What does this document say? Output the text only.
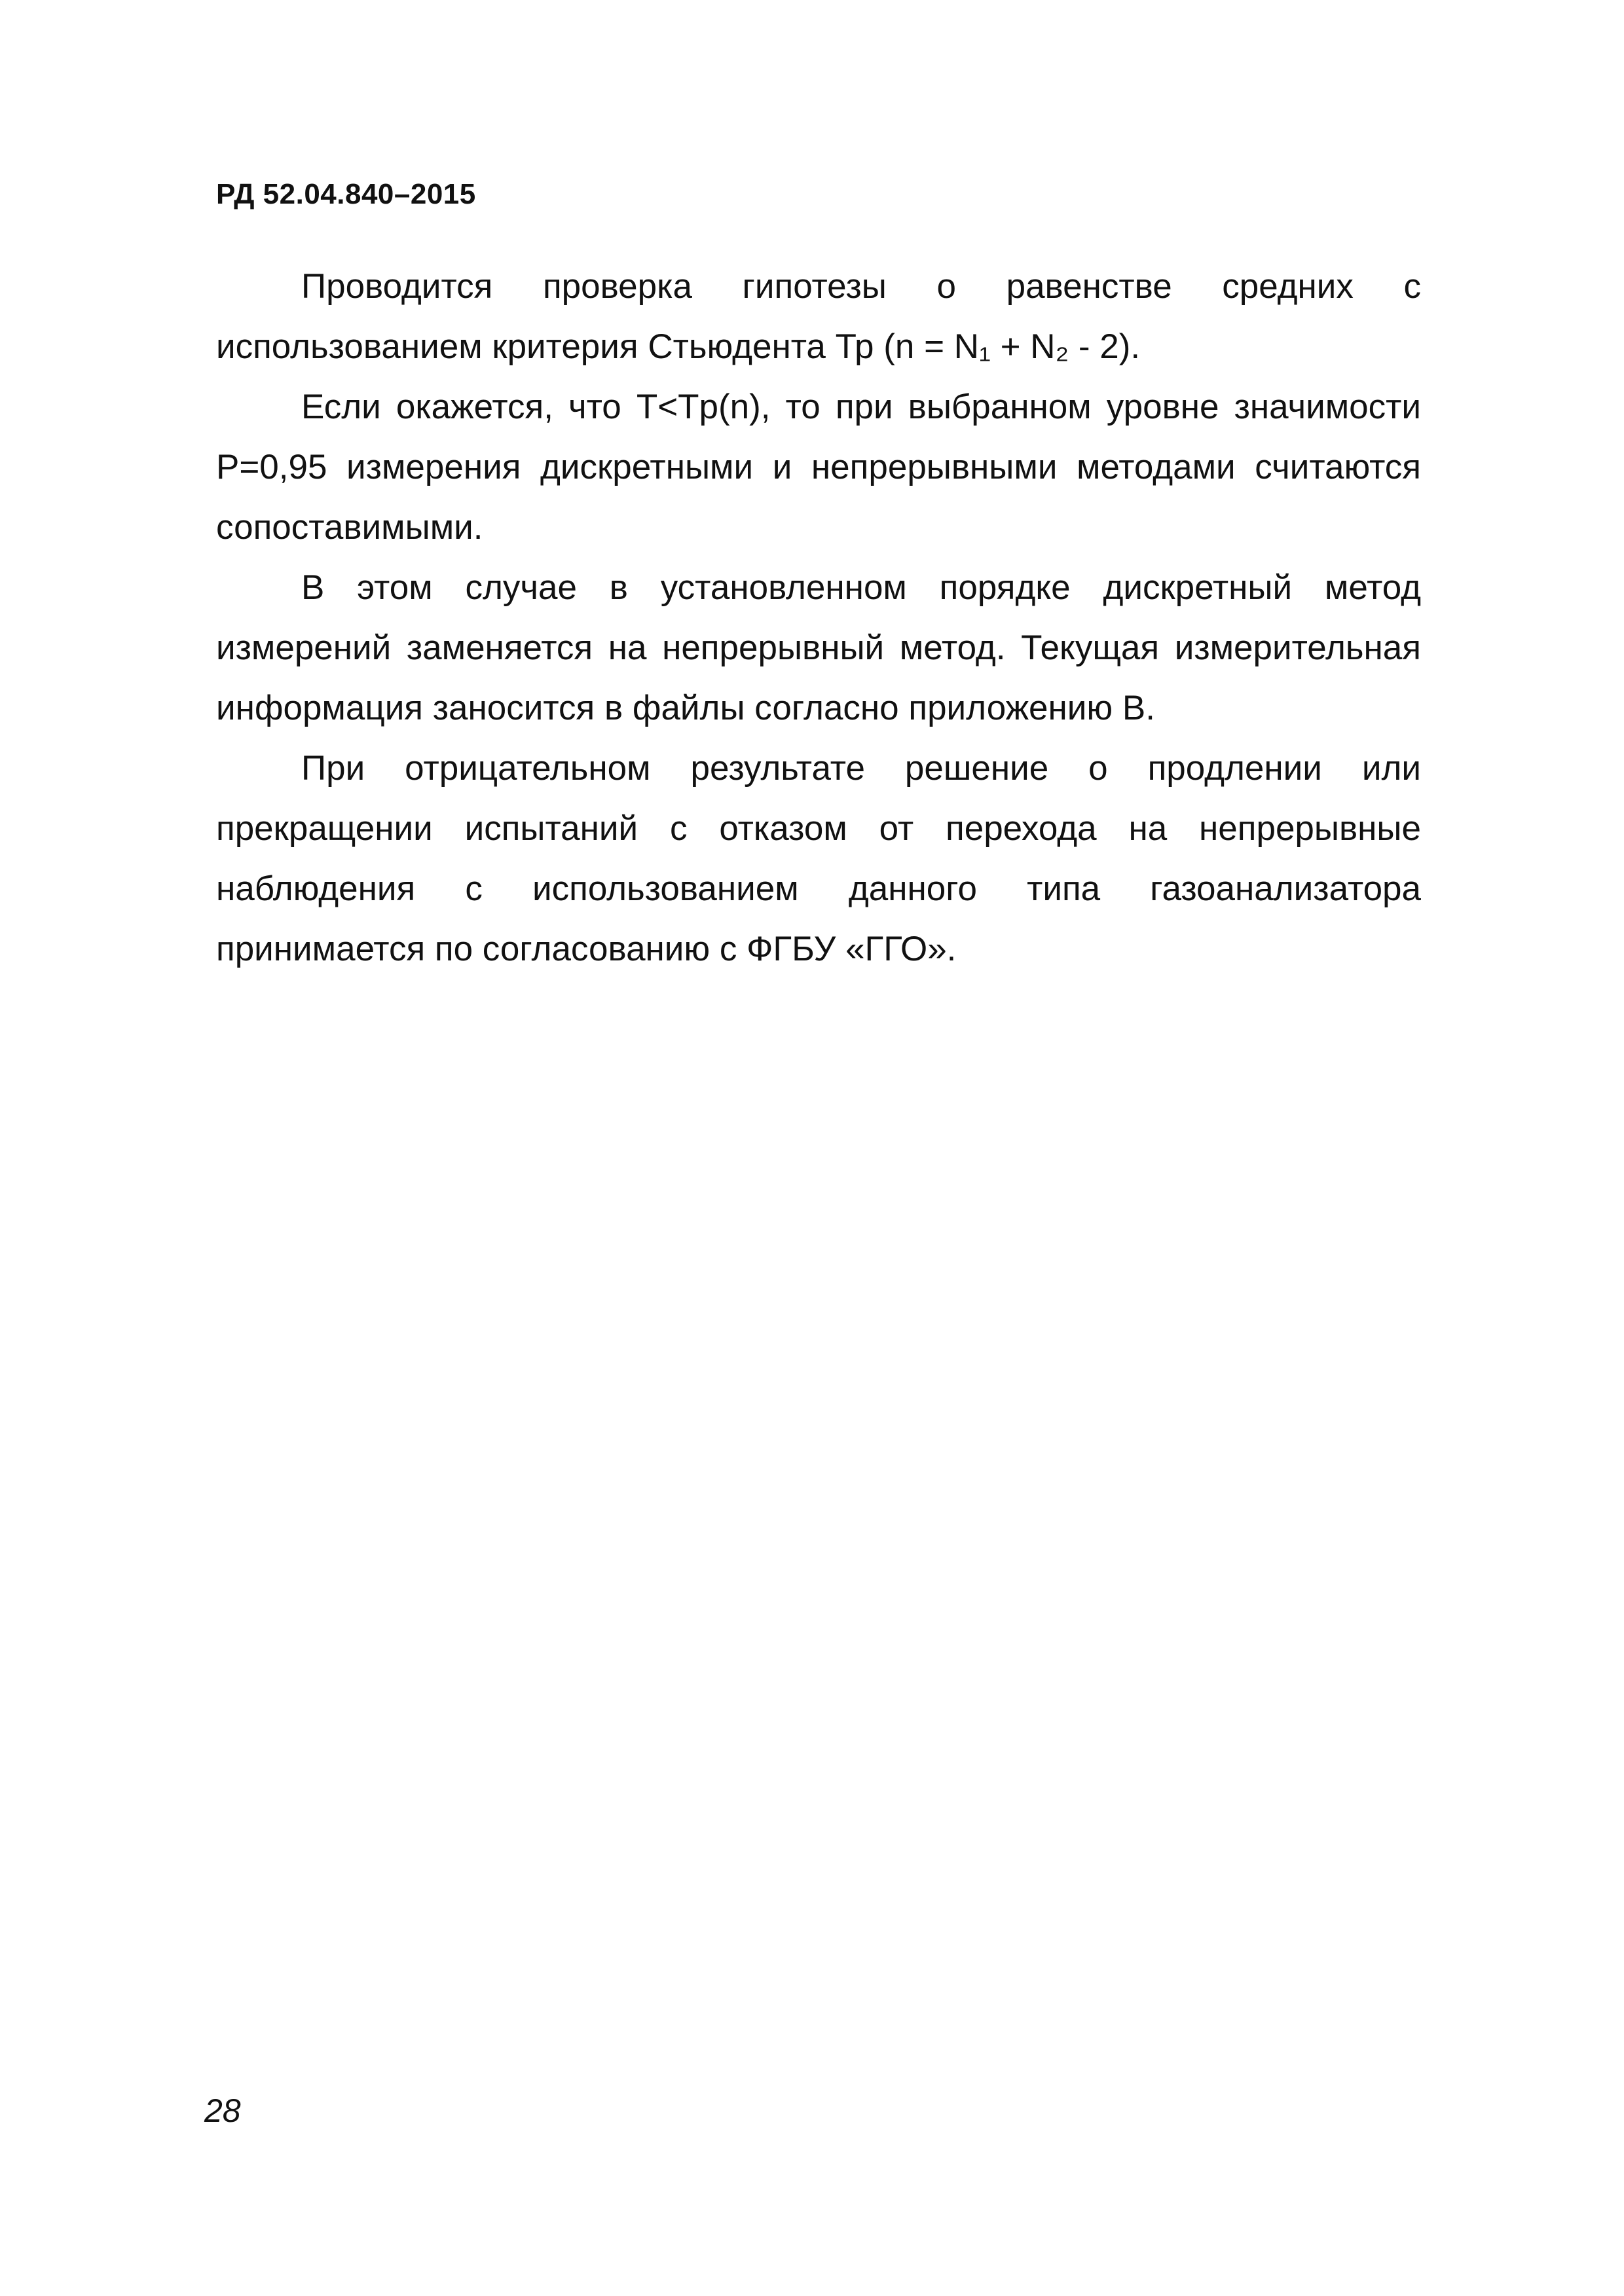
РД 52.04.840–2015

Проводится проверка гипотезы о равенстве средних с использованием критерия Стьюдента Тр (n = N₁ + N₂ - 2).

Если окажется, что T<Tp(n), то при выбранном уровне значимости P=0,95 измерения дискретными и непрерывными методами считаются сопоставимыми.

В этом случае в установленном порядке дискретный метод измерений заменяется на непрерывный метод. Текущая измерительная информация заносится в файлы согласно приложению В.

При отрицательном результате решение о продлении или прекращении испытаний с отказом от перехода на непрерывные наблюдения с использованием данного типа газоанализатора принимается по согласованию с ФГБУ «ГГО».

28
